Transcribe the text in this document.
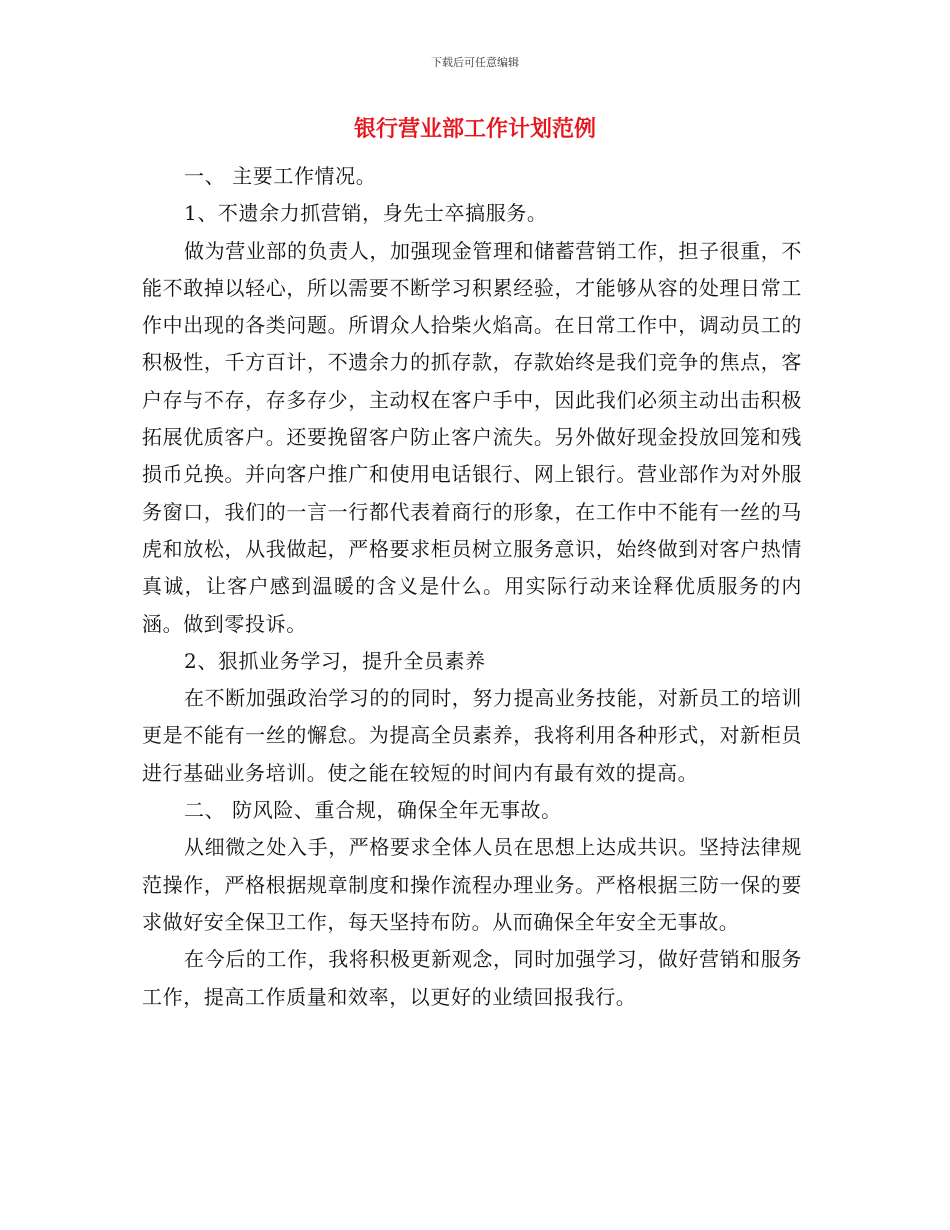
下载后可任意编辑
银行营业部工作计划范例

一、 主要工作情况。

1、不遗余力抓营销，身先士卒搞服务。

做为营业部的负责人，加强现金管理和储蓄营销工作，担子很重，不能不敢掉以轻心，所以需要不断学习积累经验，才能够从容的处理日常工作中出现的各类问题。所谓众人拾柴火焰高。在日常工作中，调动员工的积极性，千方百计，不遗余力的抓存款，存款始终是我们竞争的焦点，客户存与不存，存多存少，主动权在客户手中，因此我们必须主动出击积极拓展优质客户。还要挽留客户防止客户流失。另外做好现金投放回笼和残损币兑换。并向客户推广和使用电话银行、网上银行。营业部作为对外服务窗口，我们的一言一行都代表着商行的形象，在工作中不能有一丝的马虎和放松，从我做起，严格要求柜员树立服务意识，始终做到对客户热情真诚，让客户感到温暖的含义是什么。用实际行动来诠释优质服务的内涵。做到零投诉。

2、狠抓业务学习，提升全员素养

在不断加强政治学习的的同时，努力提高业务技能，对新员工的培训更是不能有一丝的懈怠。为提高全员素养，我将利用各种形式，对新柜员进行基础业务培训。使之能在较短的时间内有最有效的提高。

二、 防风险、重合规，确保全年无事故。

从细微之处入手，严格要求全体人员在思想上达成共识。坚持法律规范操作，严格根据规章制度和操作流程办理业务。严格根据三防一保的要求做好安全保卫工作，每天坚持布防。从而确保全年安全无事故。

在今后的工作，我将积极更新观念，同时加强学习，做好营销和服务工作，提高工作质量和效率，以更好的业绩回报我行。
